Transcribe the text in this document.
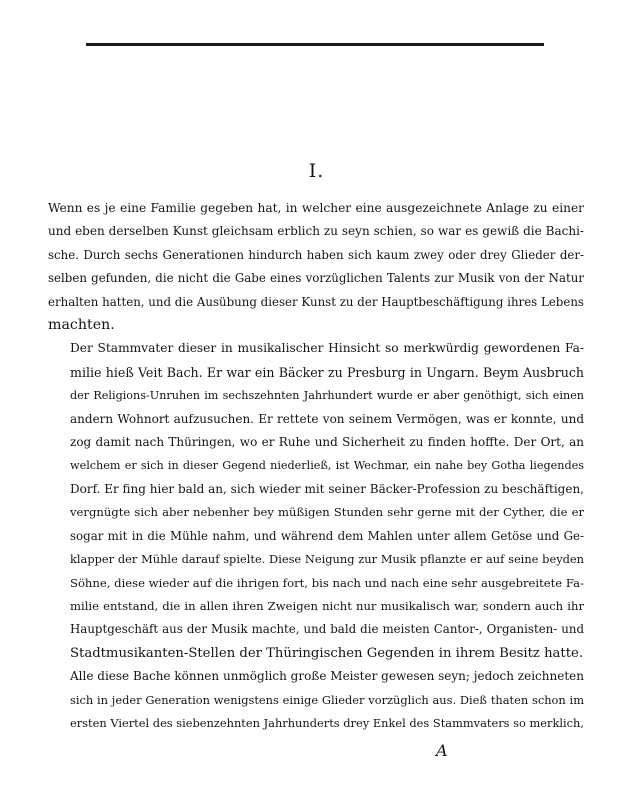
I.

Wenn es je eine Familie gegeben hat, in welcher eine ausgezeichnete Anlage zu einer
und eben derselben Kunst gleichsam erblich zu seyn schien, so war es gewiß die Bachi-
sche. Durch sechs Generationen hindurch haben sich kaum zwey oder drey Glieder der-
selben gefunden, die nicht die Gabe eines vorzüglichen Talents zur Musik von der Natur
erhalten hatten, und die Ausübung dieser Kunst zu der Hauptbeschäftigung ihres Lebens
machten.

Der Stammvater dieser in musikalischer Hinsicht so merkwürdig gewordenen Fa-
milie hieß Veit Bach. Er war ein Bäcker zu Presburg in Ungarn. Beym Ausbruch
der Religions-Unruhen im sechszehnten Jahrhundert wurde er aber genöthigt, sich einen
andern Wohnort aufzusuchen. Er rettete von seinem Vermögen, was er konnte, und
zog damit nach Thüringen, wo er Ruhe und Sicherheit zu finden hoffte. Der Ort, an
welchem er sich in dieser Gegend niederließ, ist Wechmar, ein nahe bey Gotha liegendes
Dorf. Er fing hier bald an, sich wieder mit seiner Bäcker-Profession zu beschäftigen,
vergnügte sich aber nebenher bey müßigen Stunden sehr gerne mit der Cyther, die er
sogar mit in die Mühle nahm, und während dem Mahlen unter allem Getöse und Ge-
klapper der Mühle darauf spielte. Diese Neigung zur Musik pflanzte er auf seine beyden
Söhne, diese wieder auf die ihrigen fort, bis nach und nach eine sehr ausgebreitete Fa-
milie entstand, die in allen ihren Zweigen nicht nur musikalisch war, sondern auch ihr
Hauptgeschäft aus der Musik machte, und bald die meisten Cantor-, Organisten- und
Stadtmusikanten-Stellen der Thüringischen Gegenden in ihrem Besitz hatte.

Alle diese Bache können unmöglich große Meister gewesen seyn; jedoch zeichneten
sich in jeder Generation wenigstens einige Glieder vorzüglich aus. Dieß thaten schon im
ersten Viertel des siebenzehnten Jahrhunderts drey Enkel des Stammvaters so merklich,

A
